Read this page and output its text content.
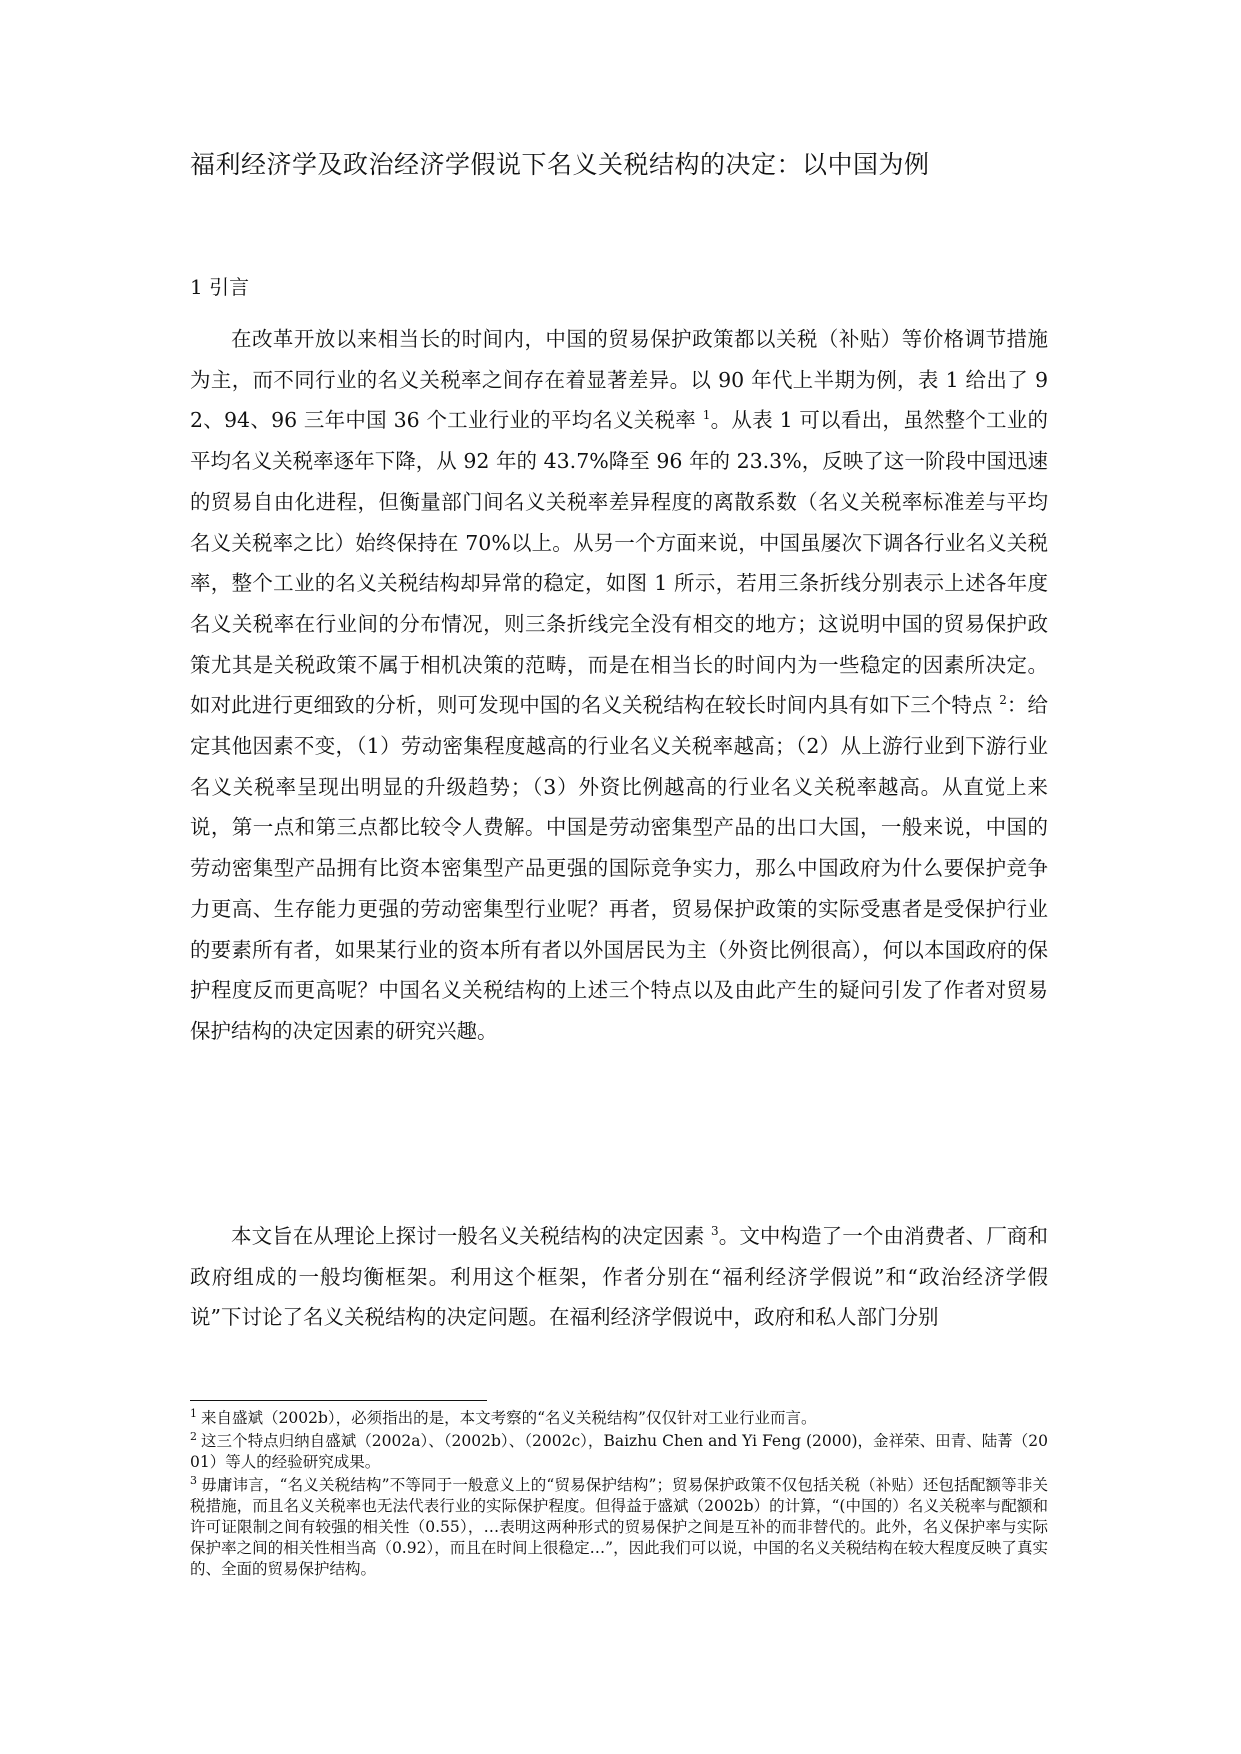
福利经济学及政治经济学假说下名义关税结构的决定：以中国为例
1 引言

在改革开放以来相当长的时间内，中国的贸易保护政策都以关税（补贴）等价格调节措施为主，而不同行业的名义关税率之间存在着显著差异。以 90 年代上半期为例，表 1 给出了 92、94、96 三年中国 36 个工业行业的平均名义关税率 $^1$。从表 1 可以看出，虽然整个工业的平均名义关税率逐年下降，从 92 年的 43.7%降至 96 年的 23.3%，反映了这一阶段中国迅速的贸易自由化进程，但衡量部门间名义关税率差异程度的离散系数（名义关税率标准差与平均名义关税率之比）始终保持在 70%以上。从另一个方面来说，中国虽屡次下调各行业名义关税率，整个工业的名义关税结构却异常的稳定，如图 1 所示，若用三条折线分别表示上述各年度名义关税率在行业间的分布情况，则三条折线完全没有相交的地方；这说明中国的贸易保护政策尤其是关税政策不属于相机决策的范畴，而是在相当长的时间内为一些稳定的因素所决定。如对此进行更细致的分析，则可发现中国的名义关税结构在较长时间内具有如下三个特点 $^2$：给定其他因素不变，（1）劳动密集程度越高的行业名义关税率越高；（2）从上游行业到下游行业名义关税率呈现出明显的升级趋势；（3）外资比例越高的行业名义关税率越高。从直觉上来说，第一点和第三点都比较令人费解。中国是劳动密集型产品的出口大国，一般来说，中国的劳动密集型产品拥有比资本密集型产品更强的国际竞争实力，那么中国政府为什么要保护竞争力更高、生存能力更强的劳动密集型行业呢？再者，贸易保护政策的实际受惠者是受保护行业的要素所有者，如果某行业的资本所有者以外国居民为主（外资比例很高），何以本国政府的保护程度反而更高呢？中国名义关税结构的上述三个特点以及由此产生的疑问引发了作者对贸易保护结构的决定因素的研究兴趣。

本文旨在从理论上探讨一般名义关税结构的决定因素 $^3$。文中构造了一个由消费者、厂商和政府组成的一般均衡框架。利用这个框架，作者分别在“福利经济学假说”和“政治经济学假说”下讨论了名义关税结构的决定问题。在福利经济学假说中，政府和私人部门分别

$^1$ 来自盛斌（2002b），必须指出的是，本文考察的“名义关税结构”仅仅针对工业行业而言。

$^2$ 这三个特点归纳自盛斌（2002a）、（2002b）、（2002c），Baizhu Chen and Yi Feng (2000)，金祥荣、田青、陆菁（2001）等人的经验研究成果。

$^3$ 毋庸讳言，“名义关税结构”不等同于一般意义上的“贸易保护结构”；贸易保护政策不仅包括关税（补贴）还包括配额等非关税措施，而且名义关税率也无法代表行业的实际保护程度。但得益于盛斌（2002b）的计算，“(中国的）名义关税率与配额和许可证限制之间有较强的相关性（0.55），…表明这两种形式的贸易保护之间是互补的而非替代的。此外，名义保护率与实际保护率之间的相关性相当高（0.92），而且在时间上很稳定…”，因此我们可以说，中国的名义关税结构在较大程度反映了真实的、全面的贸易保护结构。
